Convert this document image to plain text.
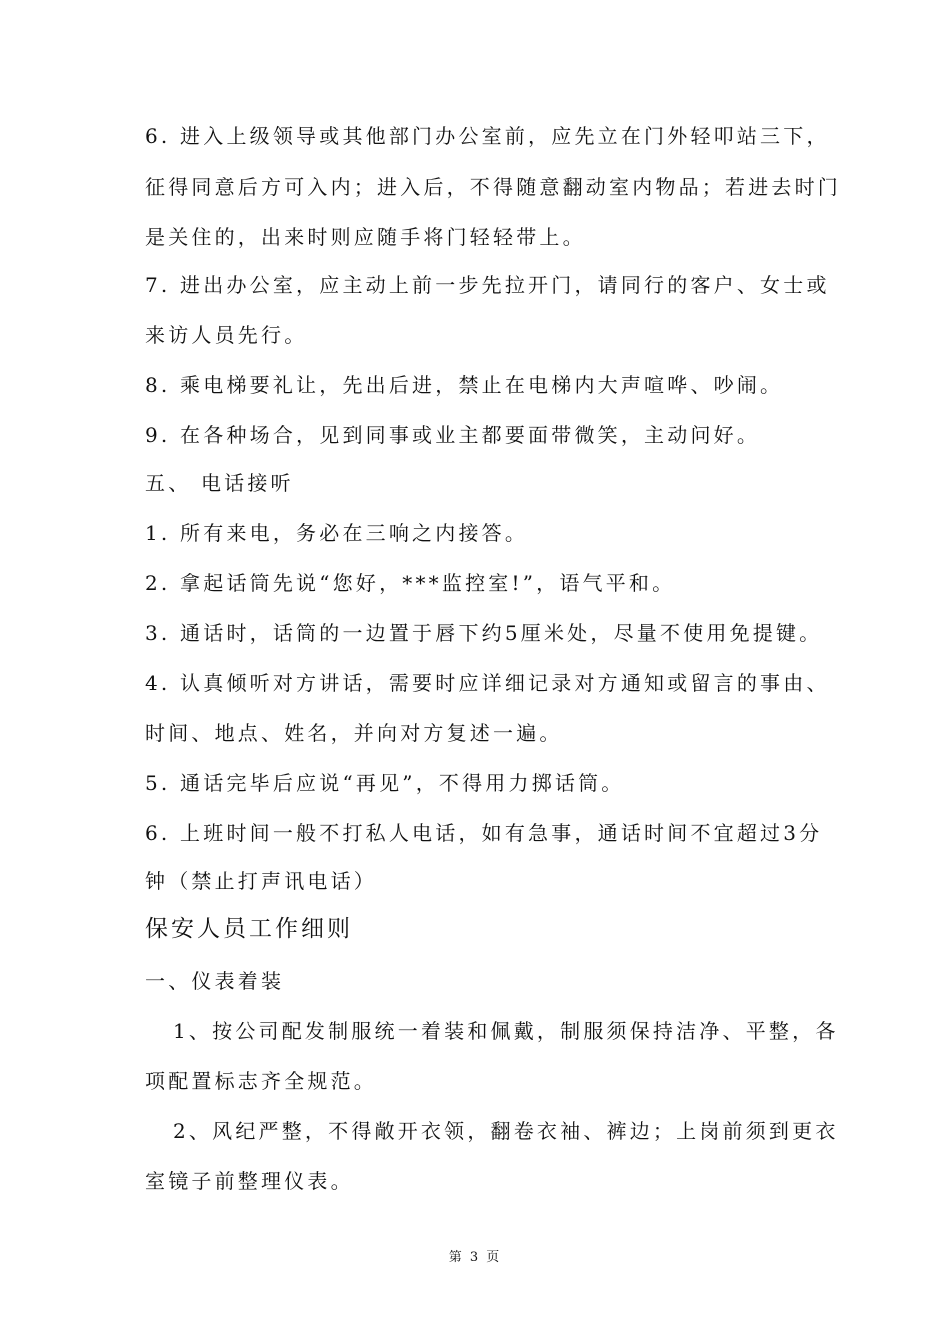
6. 进入上级领导或其他部门办公室前，应先立在门外轻叩站三下，
征得同意后方可入内；进入后，不得随意翻动室内物品；若进去时门
是关住的，出来时则应随手将门轻轻带上。
7. 进出办公室，应主动上前一步先拉开门，请同行的客户、女士或
来访人员先行。
8. 乘电梯要礼让，先出后进，禁止在电梯内大声喧哗、吵闹。
9. 在各种场合，见到同事或业主都要面带微笑，主动问好。
五、 电话接听
1. 所有来电，务必在三响之内接答。
2. 拿起话筒先说“您好，***监控室!”，语气平和。
3. 通话时，话筒的一边置于唇下约5厘米处，尽量不使用免提键。
4. 认真倾听对方讲话，需要时应详细记录对方通知或留言的事由、
时间、地点、姓名，并向对方复述一遍。
5. 通话完毕后应说“再见”，不得用力掷话筒。
6. 上班时间一般不打私人电话，如有急事，通话时间不宜超过3分
钟（禁止打声讯电话）
保安人员工作细则
一、仪表着装
1、按公司配发制服统一着装和佩戴，制服须保持洁净、平整，各
项配置标志齐全规范。
2、风纪严整，不得敞开衣领，翻卷衣袖、裤边；上岗前须到更衣
室镜子前整理仪表。
第 3 页
